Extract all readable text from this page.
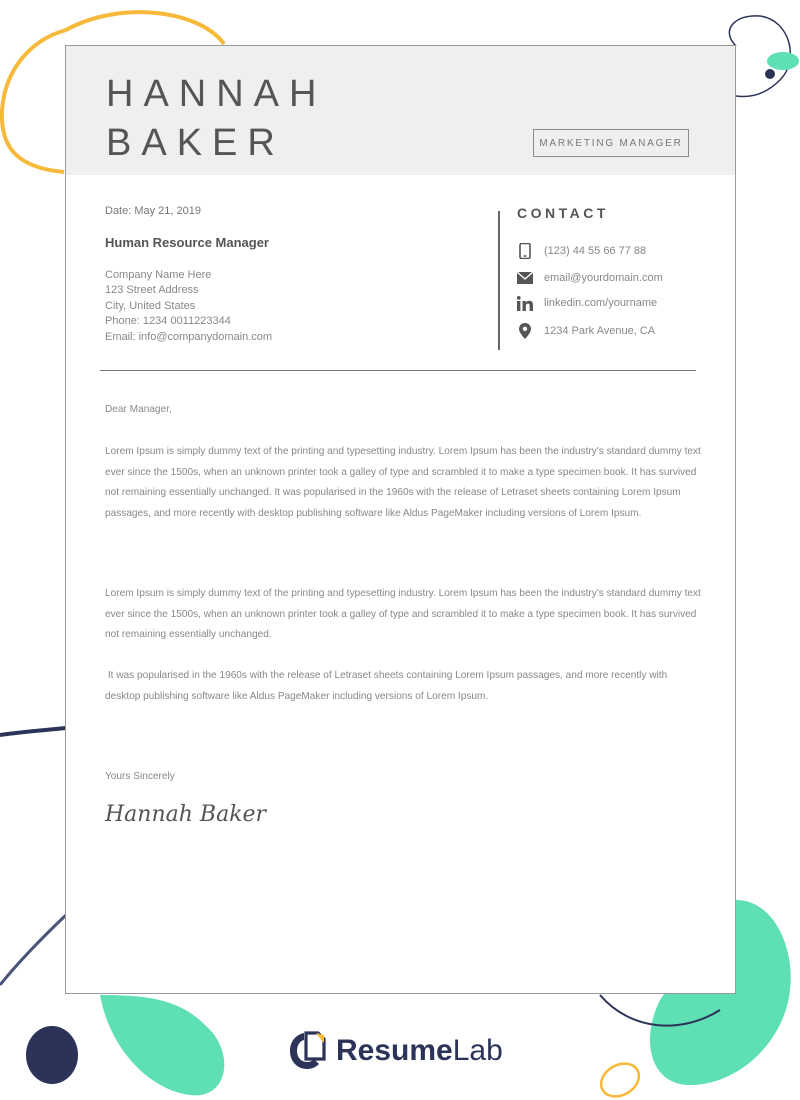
HANNAH
BAKER	MARKETING MANAGER
Date: May 21, 2019
Human Resource Manager
Company Name Here
123 Street Address
City, United States
Phone: 1234 0011223344
Email: info@companydomain.com
CONTACT
(123) 44 55 66 77 88
email@yourdomain.com
linkedin.com/yourname
1234 Park Avenue, CA
Dear Manager,
Lorem Ipsum is simply dummy text of the printing and typesetting industry. Lorem Ipsum has been the industry's standard dummy text ever since the 1500s, when an unknown printer took a galley of type and scrambled it to make a type specimen book. It has survived not remaining essentially unchanged. It was popularised in the 1960s with the release of Letraset sheets containing Lorem Ipsum passages, and more recently with desktop publishing software like Aldus PageMaker including versions of Lorem Ipsum.
Lorem Ipsum is simply dummy text of the printing and typesetting industry. Lorem Ipsum has been the industry's standard dummy text ever since the 1500s, when an unknown printer took a galley of type and scrambled it to make a type specimen book. It has survived not remaining essentially unchanged.
It was popularised in the 1960s with the release of Letraset sheets containing Lorem Ipsum passages, and more recently with desktop publishing software like Aldus PageMaker including versions of Lorem Ipsum.
Yours Sincerely
Hannah Baker
ResumeLab
